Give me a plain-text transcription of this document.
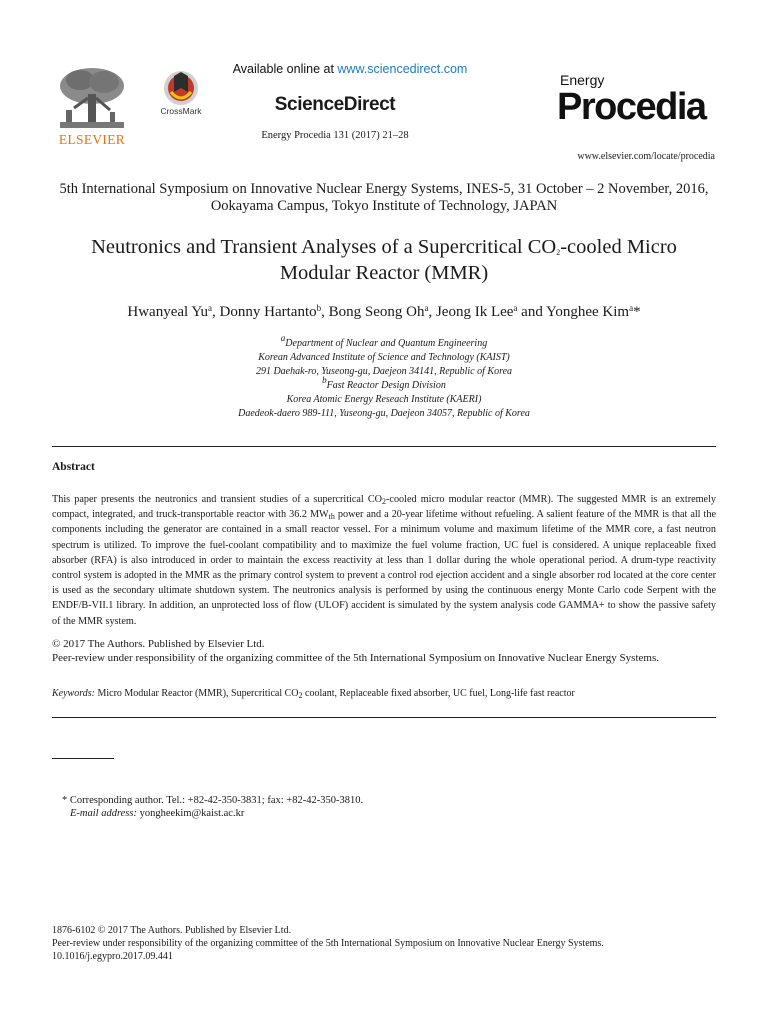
ELSEVIER
CrossMark
Available online at www.sciencedirect.com
ScienceDirect
Energy Procedia 131 (2017) 21–28
Energy
Procedia
www.elsevier.com/locate/procedia
5th International Symposium on Innovative Nuclear Energy Systems, INES-5, 31 October – 2 November, 2016, Ookayama Campus, Tokyo Institute of Technology, JAPAN
Neutronics and Transient Analyses of a Supercritical $CO_2$-cooled Micro Modular Reactor (MMR)
Hwanyeal Yu$^a$, Donny Hartanto$^b$, Bong Seong Oh$^a$, Jeong Ik Lee$^a$ and Yonghee Kim$^a$*
$^a$Department of Nuclear and Quantum Engineering
Korean Advanced Institute of Science and Technology (KAIST)
291 Daehak-ro, Yuseong-gu, Daejeon 34141, Republic of Korea
$^b$Fast Reactor Design Division
Korea Atomic Energy Reseach Institute (KAERI)
Daedeok-daero 989-111, Yuseong-gu, Daejeon 34057, Republic of Korea
Abstract
This paper presents the neutronics and transient studies of a supercritical $CO_2$-cooled micro modular reactor (MMR). The suggested MMR is an extremely compact, integrated, and truck-transportable reactor with 36.2 $MW_{th}$ power and a 20-year lifetime without refueling. A salient feature of the MMR is that all the components including the generator are contained in a small reactor vessel. For a minimum volume and maximum lifetime of the MMR core, a fast neutron spectrum is utilized. To improve the fuel-coolant compatibility and to maximize the fuel volume fraction, UC fuel is considered. A unique replaceable fixed absorber (RFA) is also introduced in order to maintain the excess reactivity at less than 1 dollar during the whole operational period. A drum-type reactivity control system is adopted in the MMR as the primary control system to prevent a control rod ejection accident and a single absorber rod located at the core center is used as the secondary ultimate shutdown system. The neutronics analysis is performed by using the continuous energy Monte Carlo code Serpent with the ENDF/B-VII.1 library. In addition, an unprotected loss of flow (ULOF) accident is simulated by the system analysis code GAMMA+ to show the passive safety of the MMR system.
© 2017 The Authors. Published by Elsevier Ltd.
Peer-review under responsibility of the organizing committee of the 5th International Symposium on Innovative Nuclear Energy Systems.
Keywords: Micro Modular Reactor (MMR), Supercritical $CO_2$ coolant, Replaceable fixed absorber, UC fuel, Long-life fast reactor
* Corresponding author. Tel.: +82-42-350-3831; fax: +82-42-350-3810.
E-mail address: yongheekim@kaist.ac.kr
1876-6102 © 2017 The Authors. Published by Elsevier Ltd.
Peer-review under responsibility of the organizing committee of the 5th International Symposium on Innovative Nuclear Energy Systems.
10.1016/j.egypro.2017.09.441
